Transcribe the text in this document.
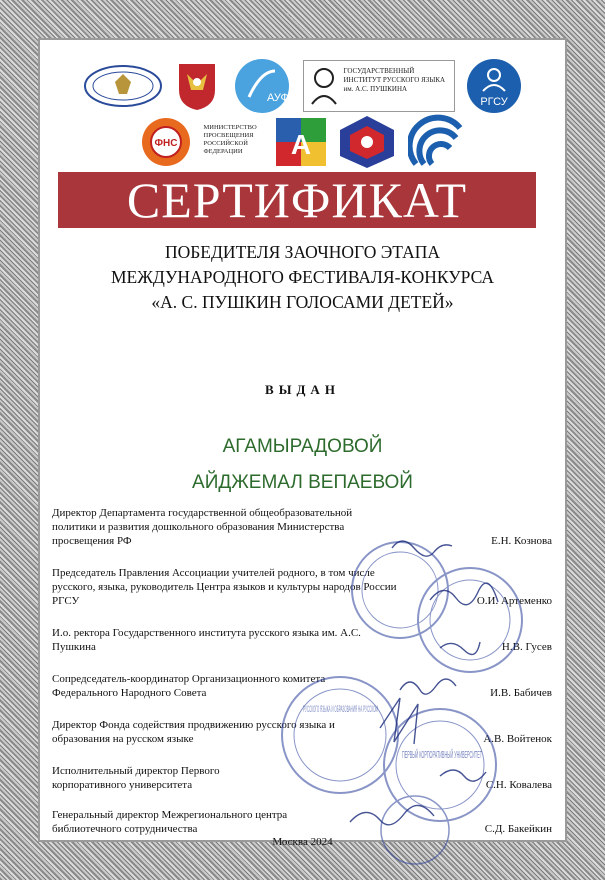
АУФ
ГОСУДАРСТВЕННЫЙ ИНСТИТУТ РУССКОГО ЯЗЫКА им. А.С. ПУШКИНА
РГСУ
ФНС
МИНИСТЕРСТВО ПРОСВЕЩЕНИЯ РОССИЙСКОЙ ФЕДЕРАЦИИ	А
СЕРТИФИКАТ
ПОБЕДИТЕЛЯ ЗАОЧНОГО ЭТАПА
МЕЖДУНАРОДНОГО ФЕСТИВАЛЯ-КОНКУРСА
«А. С. ПУШКИН ГОЛОСАМИ ДЕТЕЙ»
ВЫДАН
АГАМЫРАДОВОЙ
АЙДЖЕМАЛ ВЕПАЕВОЙ
Директор Департамента государственной общеобразовательной политики и развития дошкольного образования Министерства просвещения РФ	Е.Н. Кознова
Председатель Правления Ассоциации учителей родного, в том числе русского, языка, руководитель Центра языков и культуры народов России РГСУ	О.И. Артеменко
И.о. ректора Государственного института русского языка им. А.С. Пушкина	Н.В. Гусев
Сопредседатель-координатор Организационного комитета Федерального Народного Совета	И.В. Бабичев
Директор Фонда содействия продвижению русского языка и образования на русском языке	А.В. Войтенок
Исполнительный директор Первого корпоративного университета	С.Н. Ковалева
Генеральный директор Межрегионального центра библиотечного сотрудничества	С.Д. Бакейкин
РУССКОГО ЯЗЫКА И ОБРАЗОВАНИЯ НА РУССКОМ
Москва 2024
